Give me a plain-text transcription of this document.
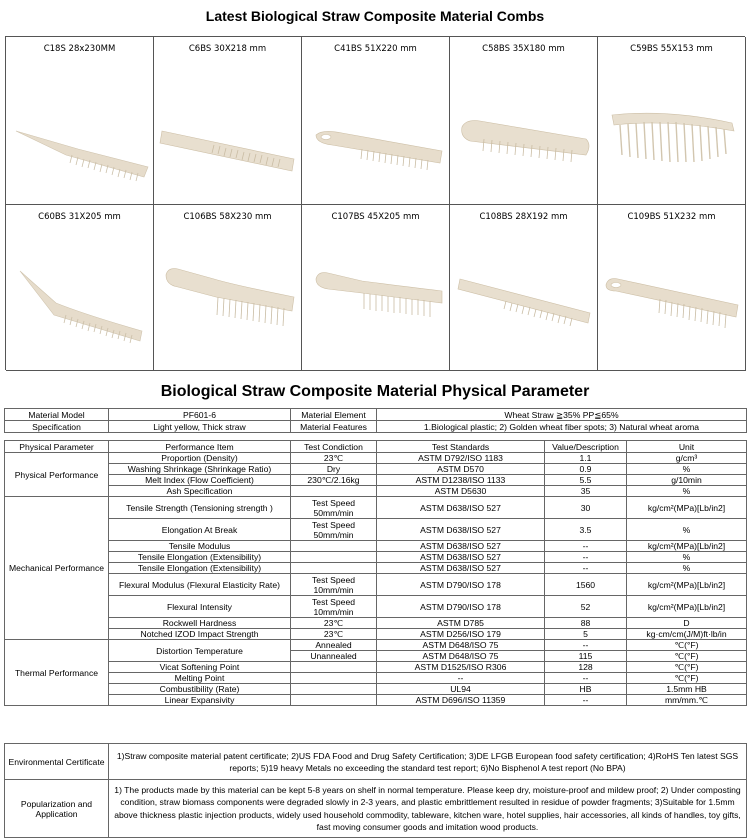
Latest Biological Straw Composite Material Combs
C18S 28x230MM	C6BS 30X218 mm	C41BS 51X220 mm	C58BS 35X180 mm	C59BS 55X153 mm
C60BS 31X205 mm	C106BS 58X230 mm	C107BS 45X205 mm	C108BS 28X192 mm	C109BS 51X232 mm
Biological Straw Composite Material Physical Parameter
Material Model	PF601-6	Material Element	Wheat Straw ≧35% PP≦65%
Specification	Light yellow, Thick straw	Material Features	1.Biological plastic; 2) Golden wheat fiber spots; 3) Natural wheat aroma
Physical Parameter	Performance Item	Test Condiction	Test Standards	Value/Description	Unit
Physical Performance	Proportion (Density)	23℃	ASTM D792/ISO 1183	1.1	g/cm³
	Washing Shrinkage (Shrinkage Ratio)	Dry	ASTM D570	0.9	%
	Melt Index (Flow Coefficient)	230℃/2.16kg	ASTM D1238/ISO 1133	5.5	g/10min
	Ash Specification		ASTM D5630	35	%
Mechanical Performance	Tensile Strength (Tensioning strength )	Test Speed 50mm/min	ASTM D638/ISO 527	30	kg/cm²(MPa)[Lb/in2]
	Elongation At Break	Test Speed 50mm/min	ASTM D638/ISO 527	3.5	%
	Tensile Modulus		ASTM D638/ISO 527	--	kg/cm²(MPa)[Lb/in2]
	Tensile Elongation (Extensibility)		ASTM D638/ISO 527	--	%
	Tensile Elongation (Extensibility)		ASTM D638/ISO 527	--	%
	Flexural Modulus (Flexural Elasticity Rate)	Test Speed 10mm/min	ASTM D790/ISO 178	1560	kg/cm²(MPa)[Lb/in2]
	Flexural Intensity	Test Speed 10mm/min	ASTM D790/ISO 178	52	kg/cm²(MPa)[Lb/in2]
	Rockwell Hardness	23℃	ASTM D785	88	D
	Notched IZOD Impact Strength	23℃	ASTM D256/ISO 179	5	kg·cm/cm(J/M)ft·lb/in
Thermal Performance	Distortion Temperature	Annealed	ASTM D648/ISO 75	--	℃(°F)
		Unannealed	ASTM D648/ISO 75	115	℃(°F)
	Vicat Softening Point		ASTM D1525/ISO R306	128	℃(°F)
	Melting Point		--	--	℃(°F)
	Combustibility (Rate)		UL94	HB	1.5mm HB
	Linear Expansivity		ASTM D696/ISO 11359	--	mm/mm.℃
Environmental Certificate	1)Straw composite material patent certificate; 2)US FDA Food and Drug Safety Certification; 3)DE LFGB European food safety certification; 4)RoHS Ten latest SGS reports; 5)19 heavy Metals no exceeding the standard test report; 6)No Bisphenol A test report (No BPA)
Popularization and Application	1) The products made by this material can be kept 5-8 years on shelf in normal temperature. Please keep dry, moisture-proof and mildew proof; 2) Under composting condition, straw biomass components were degraded slowly in 2-3 years, and plastic embrittlement resulted in residue of powder fragments; 3)Suitable for 1.5mm above thickness plastic injection products, widely used household commodity, tableware, kitchen ware, hotel supplies, hair accessories, all kinds of handles, toy gifts, fast moving consumer goods and imitation wood products.
